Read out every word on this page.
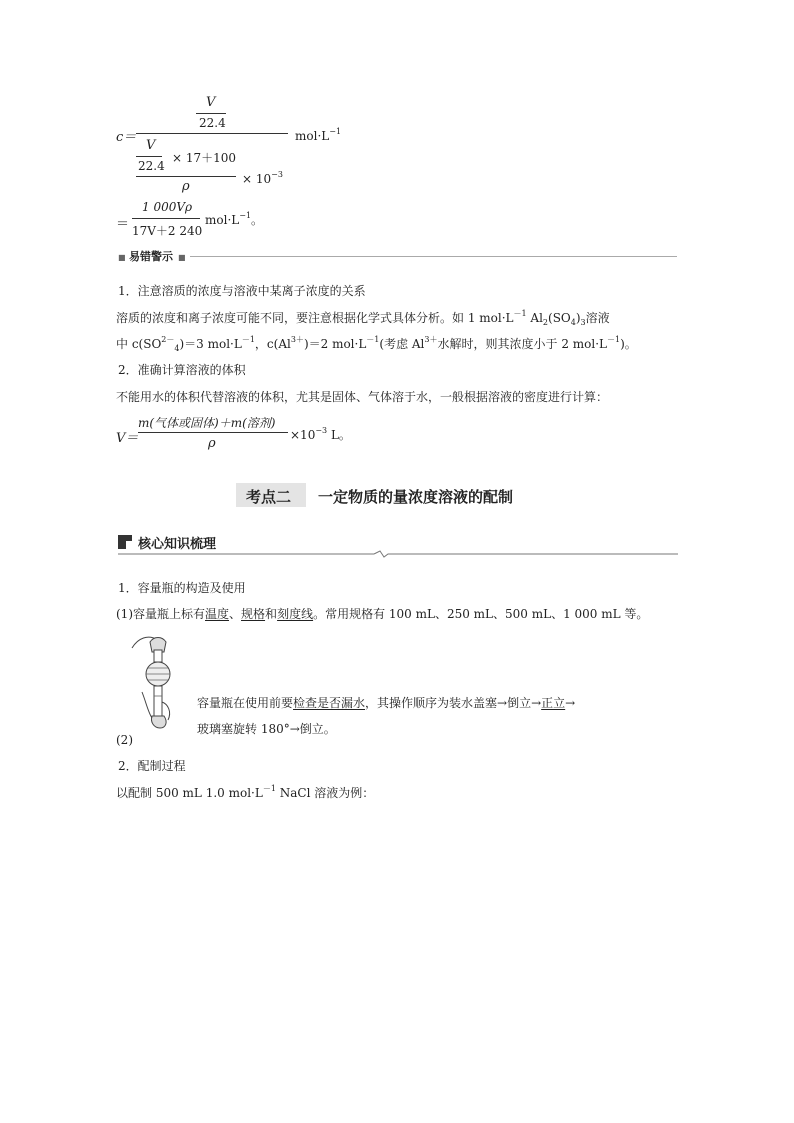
c＝
V
22.4
$mol\cdot L^{-1}$
V
22.4
× 17＋100
ρ	× $10^{-3}$
＝
1 000Vρ
17V＋2 240
$mol\cdot L^{-1}$。
■ 易错警示 ■
1．注意溶质的浓度与溶液中某离子浓度的关系
溶质的浓度和离子浓度可能不同，要注意根据化学式具体分析。如 1 $mol\cdot L^{-1}$ $Al_2(SO_4)_3$溶液
中 $c(SO^{2-}_4)=3$ $mol\cdot L^{-1}$，$c(Al^{3+})=2$ $mol\cdot L^{-1}$(考虑 $Al^{3+}$水解时，则其浓度小于 2 $mol\cdot L^{-1}$)。
2．准确计算溶液的体积
不能用水的体积代替溶液的体积，尤其是固体、气体溶于水，一般根据溶液的密度进行计算：
V＝
m(气体或固体)＋m(溶剂)
ρ
$\times 10^{-3}$ L。
考点二 一定物质的量浓度溶液的配制
核心知识梳理
1．容量瓶的构造及使用
(1)容量瓶上标有温度、规格和刻度线。常用规格有 100 mL、250 mL、500 mL、1 000 mL 等。
容量瓶在使用前要检查是否漏水，其操作顺序为装水盖塞→倒立→正立→
玻璃塞旋转 180°→倒立。
(2)
2．配制过程
以配制 500 mL 1.0 $mol\cdot L^{-1}$ NaCl 溶液为例：
